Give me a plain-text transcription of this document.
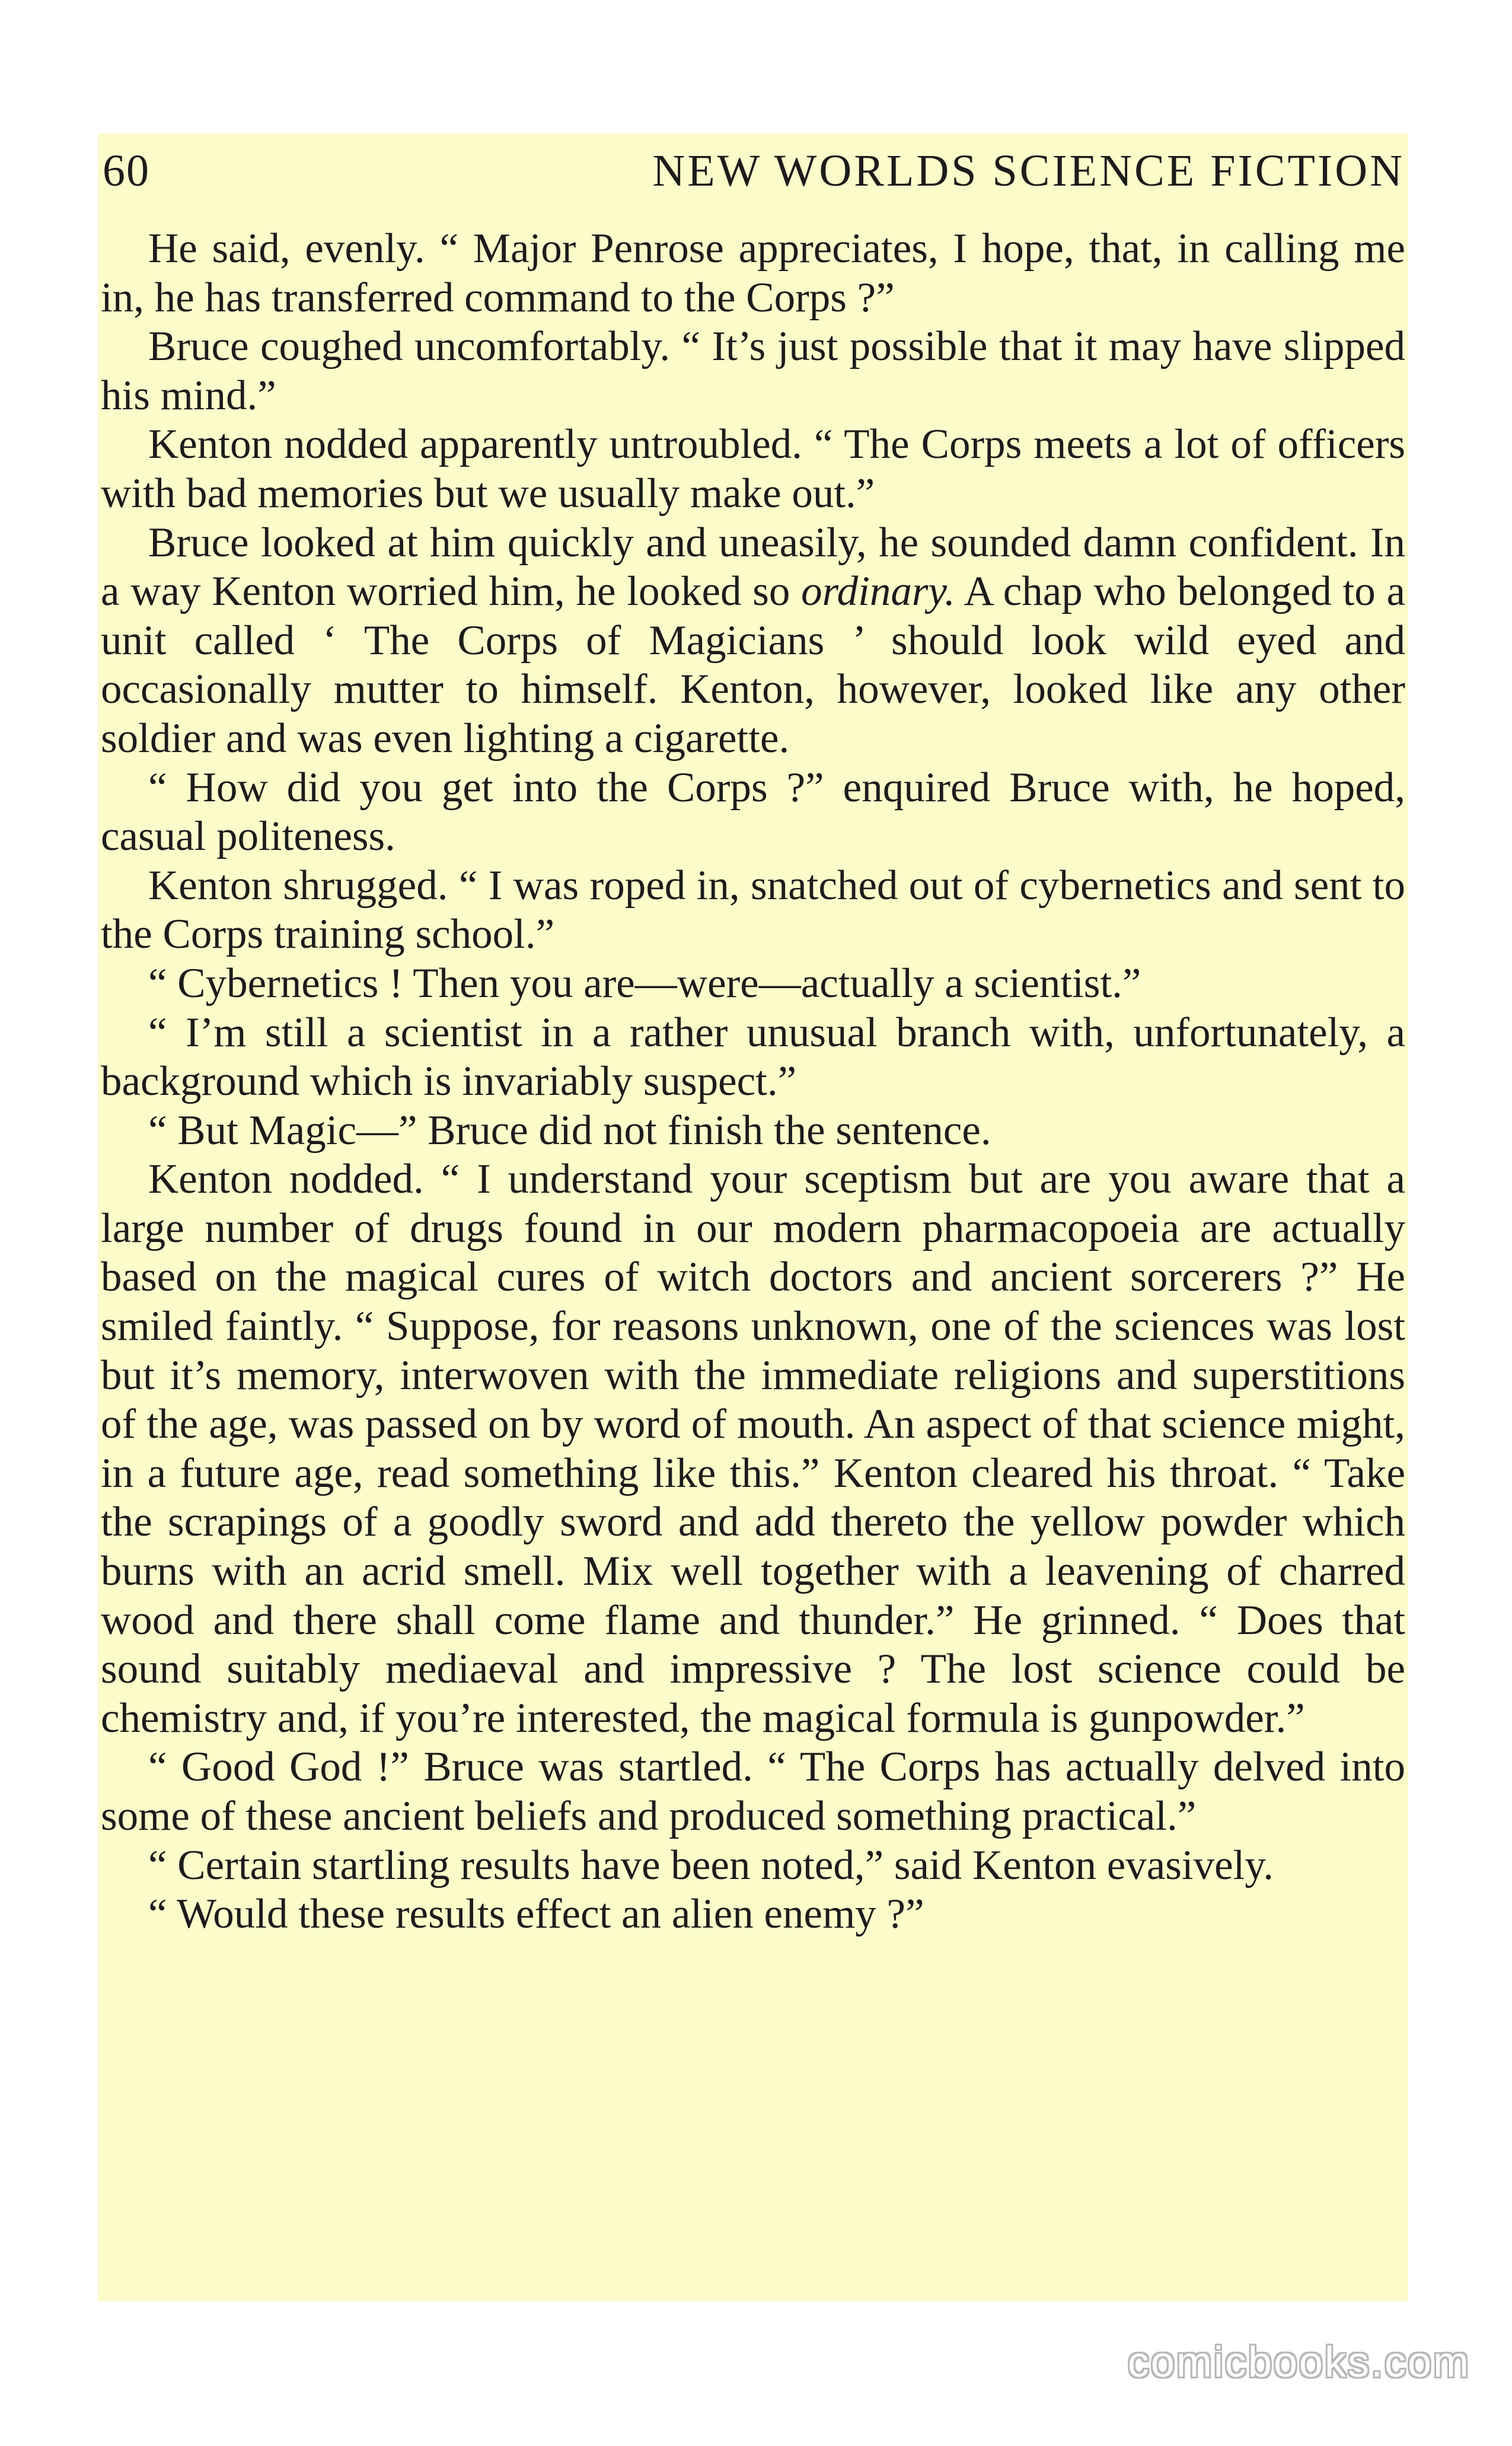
60	NEW WORLDS SCIENCE FICTION

He said, evenly. “ Major Penrose appreciates, I hope, that, in calling me in, he has transferred command to the Corps ?”

Bruce coughed uncomfortably. “ It’s just possible that it may have slipped his mind.”

Kenton nodded apparently untroubled. “ The Corps meets a lot of officers with bad memories but we usually make out.”

Bruce looked at him quickly and uneasily, he sounded damn confident. In a way Kenton worried him, he looked so ordinary. A chap who belonged to a unit called ‘ The Corps of Magicians ’ should look wild eyed and occasionally mutter to himself. Kenton, however, looked like any other soldier and was even lighting a cigarette.

“ How did you get into the Corps ?” enquired Bruce with, he hoped, casual politeness.

Kenton shrugged. “ I was roped in, snatched out of cybernetics and sent to the Corps training school.”

“ Cybernetics ! Then you are—were—actually a scientist.”

“ I’m still a scientist in a rather unusual branch with, unfortunately, a background which is invariably suspect.”

“ But Magic—” Bruce did not finish the sentence.

Kenton nodded. “ I understand your sceptism but are you aware that a large number of drugs found in our modern pharmacopoeia are actually based on the magical cures of witch doctors and ancient sorcerers ?” He smiled faintly. “ Suppose, for reasons unknown, one of the sciences was lost but it’s memory, interwoven with the immediate religions and superstitions of the age, was passed on by word of mouth. An aspect of that science might, in a future age, read something like this.” Kenton cleared his throat. “ Take the scrapings of a goodly sword and add thereto the yellow powder which burns with an acrid smell. Mix well together with a leavening of charred wood and there shall come flame and thunder.” He grinned. “ Does that sound suitably mediaeval and impressive ? The lost science could be chemistry and, if you’re interested, the magical formula is gunpowder.”

“ Good God !” Bruce was startled. “ The Corps has actually delved into some of these ancient beliefs and produced something practical.”

“ Certain startling results have been noted,” said Kenton evasively.

“ Would these results effect an alien enemy ?”

comicbooks.com
